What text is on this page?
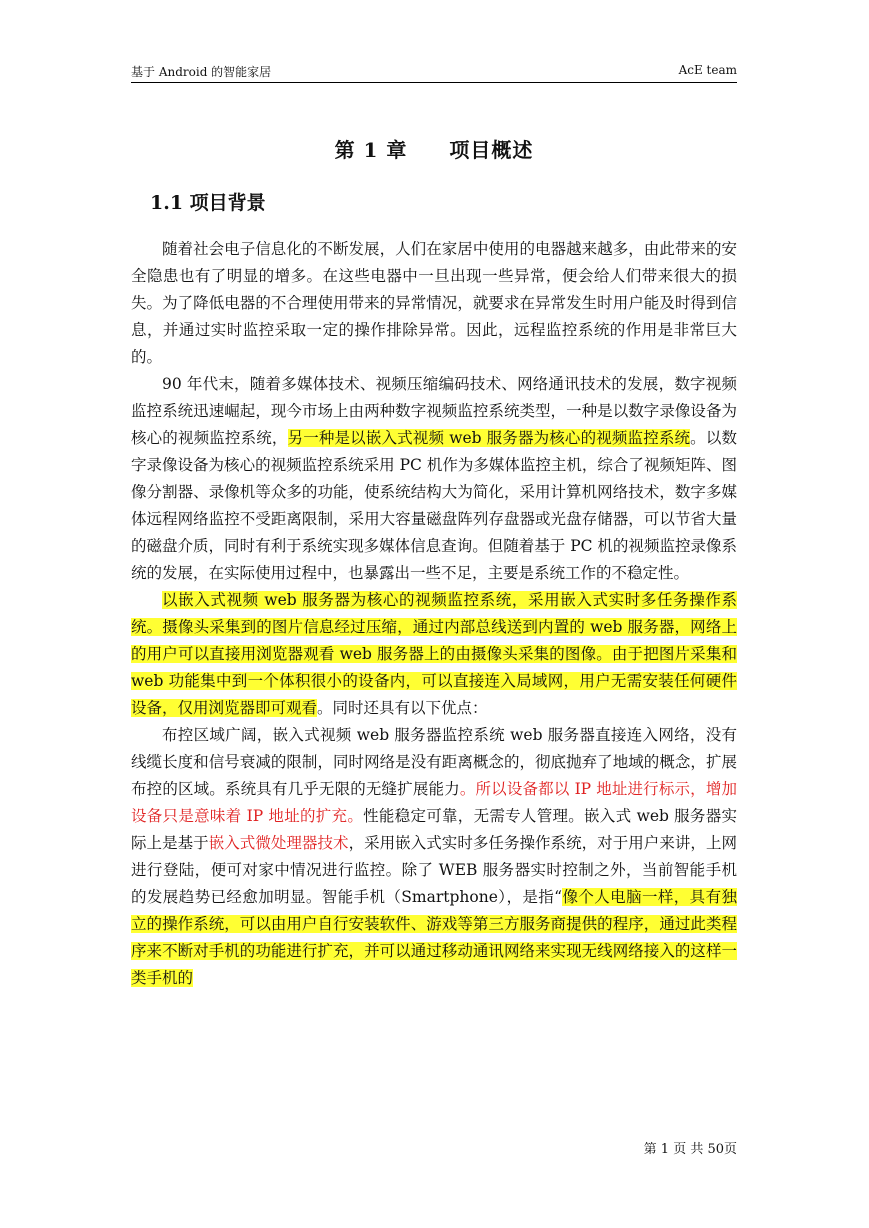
基于 Android 的智能家居	AcE team
第 1 章 项目概述
1.1 项目背景

随着社会电子信息化的不断发展，人们在家居中使用的电器越来越多，由此带来的安全隐患也有了明显的增多。在这些电器中一旦出现一些异常，便会给人们带来很大的损失。为了降低电器的不合理使用带来的异常情况，就要求在异常发生时用户能及时得到信息，并通过实时监控采取一定的操作排除异常。因此，远程监控系统的作用是非常巨大的。

90 年代末，随着多媒体技术、视频压缩编码技术、网络通讯技术的发展，数字视频监控系统迅速崛起，现今市场上由两种数字视频监控系统类型，一种是以数字录像设备为核心的视频监控系统，另一种是以嵌入式视频 web 服务器为核心的视频监控系统。以数字录像设备为核心的视频监控系统采用 PC 机作为多媒体监控主机，综合了视频矩阵、图像分割器、录像机等众多的功能，使系统结构大为简化，采用计算机网络技术，数字多媒体远程网络监控不受距离限制，采用大容量磁盘阵列存盘器或光盘存储器，可以节省大量的磁盘介质，同时有利于系统实现多媒体信息查询。但随着基于 PC 机的视频监控录像系统的发展，在实际使用过程中，也暴露出一些不足，主要是系统工作的不稳定性。

以嵌入式视频 web 服务器为核心的视频监控系统，采用嵌入式实时多任务操作系统。摄像头采集到的图片信息经过压缩，通过内部总线送到内置的 web 服务器，网络上的用户可以直接用浏览器观看 web 服务器上的由摄像头采集的图像。由于把图片采集和 web 功能集中到一个体积很小的设备内，可以直接连入局域网，用户无需安装任何硬件设备，仅用浏览器即可观看。同时还具有以下优点：

布控区域广阔，嵌入式视频 web 服务器监控系统 web 服务器直接连入网络，没有线缆长度和信号衰减的限制，同时网络是没有距离概念的，彻底抛弃了地域的概念，扩展布控的区域。系统具有几乎无限的无缝扩展能力。所以设备都以 IP 地址进行标示，增加设备只是意味着 IP 地址的扩充。性能稳定可靠，无需专人管理。嵌入式 web 服务器实际上是基于嵌入式微处理器技术，采用嵌入式实时多任务操作系统，对于用户来讲，上网进行登陆，便可对家中情况进行监控。除了 WEB 服务器实时控制之外，当前智能手机的发展趋势已经愈加明显。智能手机（Smartphone），是指“像个人电脑一样，具有独立的操作系统，可以由用户自行安装软件、游戏等第三方服务商提供的程序，通过此类程序来不断对手机的功能进行扩充，并可以通过移动通讯网络来实现无线网络接入的这样一类手机的

第 1 页 共 50页
